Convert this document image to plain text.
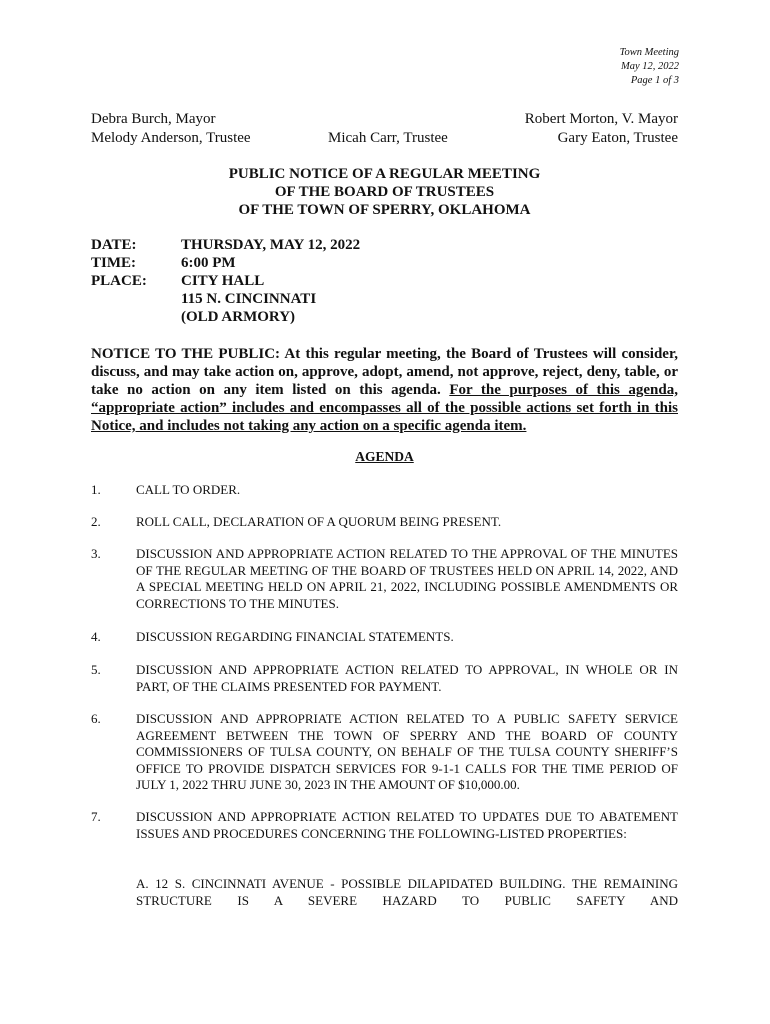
Town Meeting
May 12, 2022
Page 1 of 3
Debra Burch, Mayor	Robert Morton, V. Mayor
Melody Anderson, Trustee	Micah Carr, Trustee	Gary Eaton, Trustee
PUBLIC NOTICE OF A REGULAR MEETING
OF THE BOARD OF TRUSTEES
OF THE TOWN OF SPERRY, OKLAHOMA
DATE:	THURSDAY, MAY 12, 2022
TIME:	6:00 PM
PLACE: CITY HALL
115 N. CINCINNATI
(OLD ARMORY)
NOTICE TO THE PUBLIC: At this regular meeting, the Board of Trustees will consider, discuss, and may take action on, approve, adopt, amend, not approve, reject, deny, table, or take no action on any item listed on this agenda. For the purposes of this agenda, “appropriate action” includes and encompasses all of the possible actions set forth in this Notice, and includes not taking any action on a specific agenda item.
AGENDA
1.	CALL TO ORDER.
2.	ROLL CALL, DECLARATION OF A QUORUM BEING PRESENT.
3.	DISCUSSION AND APPROPRIATE ACTION RELATED TO THE APPROVAL OF THE MINUTES OF THE REGULAR MEETING OF THE BOARD OF TRUSTEES HELD ON APRIL 14, 2022, AND A SPECIAL MEETING HELD ON APRIL 21, 2022, INCLUDING POSSIBLE AMENDMENTS OR CORRECTIONS TO THE MINUTES.
4.	DISCUSSION REGARDING FINANCIAL STATEMENTS.
5.	DISCUSSION AND APPROPRIATE ACTION RELATED TO APPROVAL, IN WHOLE OR IN PART, OF THE CLAIMS PRESENTED FOR PAYMENT.
6.	DISCUSSION AND APPROPRIATE ACTION RELATED TO A PUBLIC SAFETY SERVICE AGREEMENT BETWEEN THE TOWN OF SPERRY AND THE BOARD OF COUNTY COMMISSIONERS OF TULSA COUNTY, ON BEHALF OF THE TULSA COUNTY SHERIFF’S OFFICE TO PROVIDE DISPATCH SERVICES FOR 9-1-1 CALLS FOR THE TIME PERIOD OF JULY 1, 2022 THRU JUNE 30, 2023 IN THE AMOUNT OF $10,000.00.
7.	DISCUSSION AND APPROPRIATE ACTION RELATED TO UPDATES DUE TO ABATEMENT ISSUES AND PROCEDURES CONCERNING THE FOLLOWING-LISTED PROPERTIES:
A. 12 S. CINCINNATI AVENUE - POSSIBLE DILAPIDATED BUILDING. THE REMAINING STRUCTURE IS A SEVERE HAZARD TO PUBLIC SAFETY AND
